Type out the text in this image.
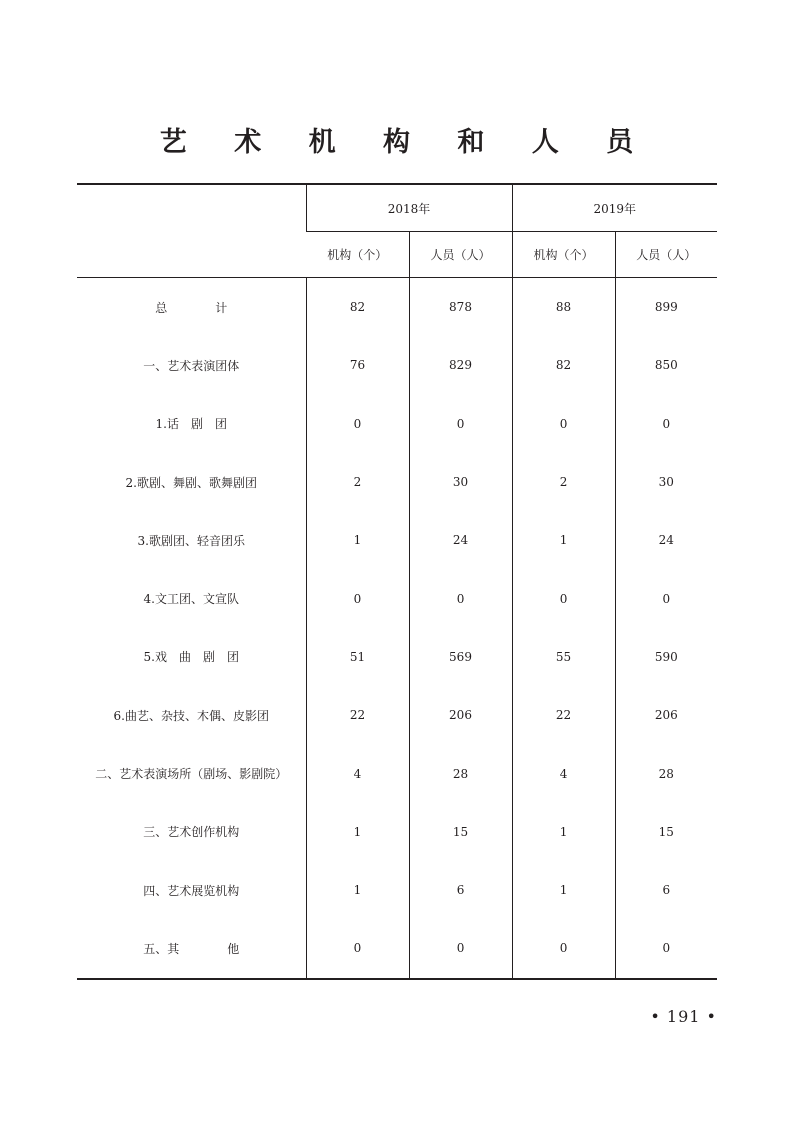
艺 术 机 构 和 人 员
	2018年		2019年	
	机构（个）	人员（人）	机构（个）	人员（人）
总　　　　计	82	878	88	899
一、艺术表演团体	76	829	82	850
1.话　剧　团	0	0	0	0
2.歌剧、舞剧、歌舞剧团	2	30	2	30
3.歌剧团、轻音团乐	1	24	1	24
4.文工团、文宣队	0	0	0	0
5.戏　曲　剧　团	51	569	55	590
6.曲艺、杂技、木偶、皮影团	22	206	22	206
二、艺术表演场所（剧场、影剧院）	4	28	4	28
三、艺术创作机构	1	15	1	15
四、艺术展览机构	1	6	1	6
五、其　　　　他	0	0	0	0
• 191 •
